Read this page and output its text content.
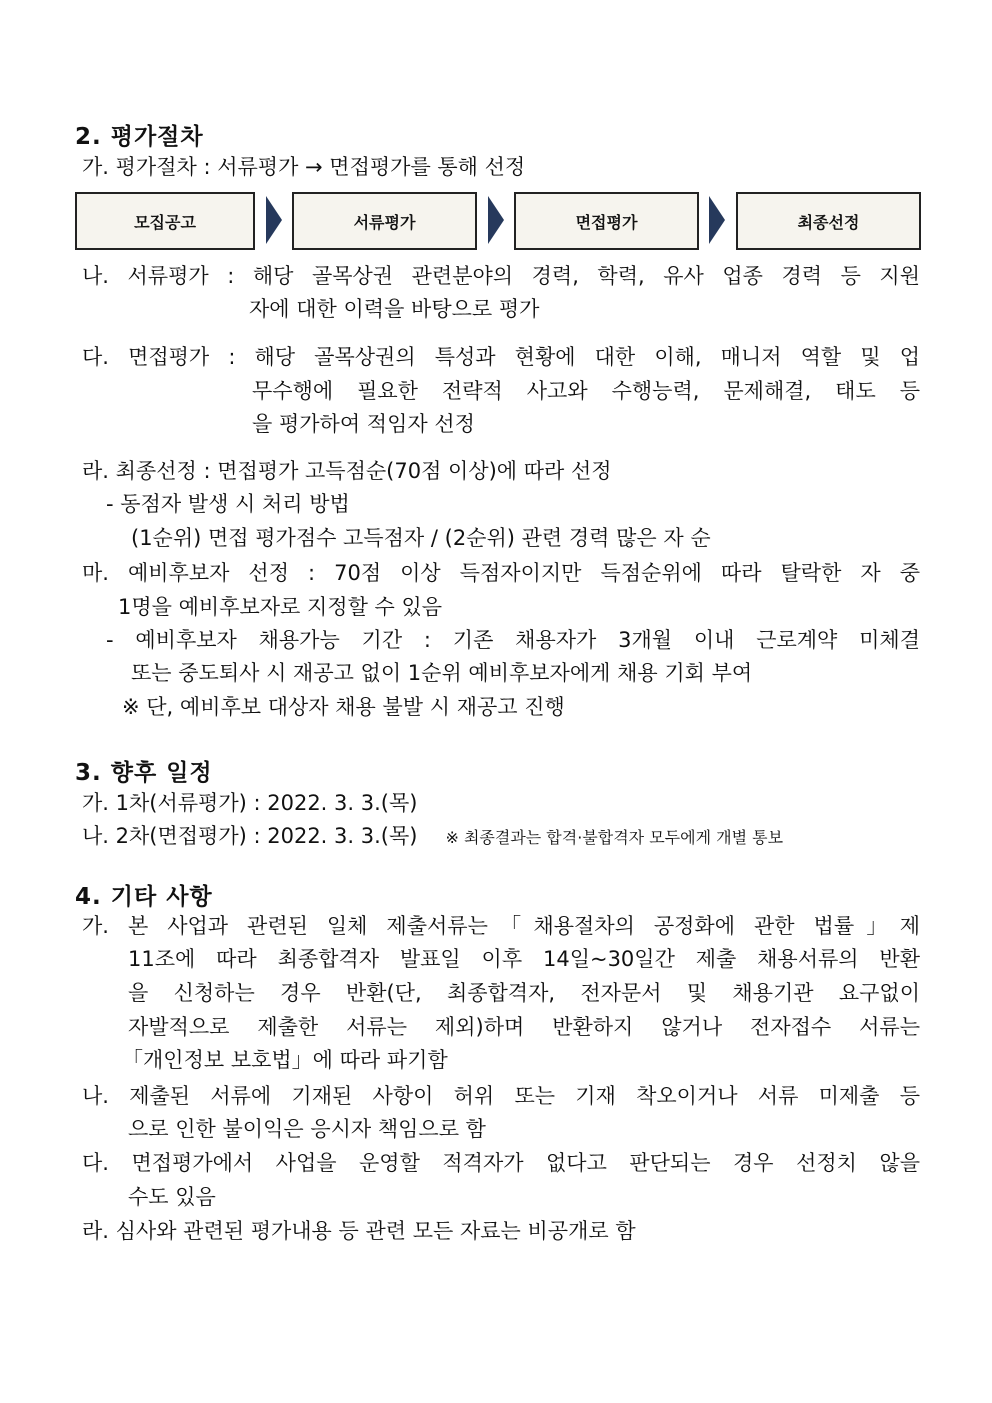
2. 평가절차
가. 평가절차 : 서류평가 → 면접평가를 통해 선정
모집공고	서류평가	면접평가	최종선정
나. 서류평가 : 해당 골목상권 관련분야의 경력, 학력, 유사 업종 경력 등 지원
자에 대한 이력을 바탕으로 평가
다. 면접평가 : 해당 골목상권의 특성과 현황에 대한 이해, 매니저 역할 및 업
무수행에 필요한 전략적 사고와 수행능력, 문제해결, 태도 등
을 평가하여 적임자 선정
라. 최종선정 : 면접평가 고득점순(70점 이상)에 따라 선정
- 동점자 발생 시 처리 방법
(1순위) 면접 평가점수 고득점자 / (2순위) 관련 경력 많은 자 순
마. 예비후보자 선정 : 70점 이상 득점자이지만 득점순위에 따라 탈락한 자 중
1명을 예비후보자로 지정할 수 있음
- 예비후보자 채용가능 기간 : 기존 채용자가 3개월 이내 근로계약 미체결
또는 중도퇴사 시 재공고 없이 1순위 예비후보자에게 채용 기회 부여
※ 단, 예비후보 대상자 채용 불발 시 재공고 진행
3. 향후 일정
가. 1차(서류평가) : 2022. 3. 3.(목)
나. 2차(면접평가) : 2022. 3. 3.(목) ※ 최종결과는 합격·불합격자 모두에게 개별 통보
4. 기타 사항
가. 본 사업과 관련된 일체 제출서류는「채용절차의 공정화에 관한 법률」제
11조에 따라 최종합격자 발표일 이후 14일~30일간 제출 채용서류의 반환
을 신청하는 경우 반환(단, 최종합격자, 전자문서 및 채용기관 요구없이
자발적으로 제출한 서류는 제외)하며 반환하지 않거나 전자접수 서류는
「개인정보 보호법」에 따라 파기함
나. 제출된 서류에 기재된 사항이 허위 또는 기재 착오이거나 서류 미제출 등
으로 인한 불이익은 응시자 책임으로 함
다. 면접평가에서 사업을 운영할 적격자가 없다고 판단되는 경우 선정치 않을
수도 있음
라. 심사와 관련된 평가내용 등 관련 모든 자료는 비공개로 함
